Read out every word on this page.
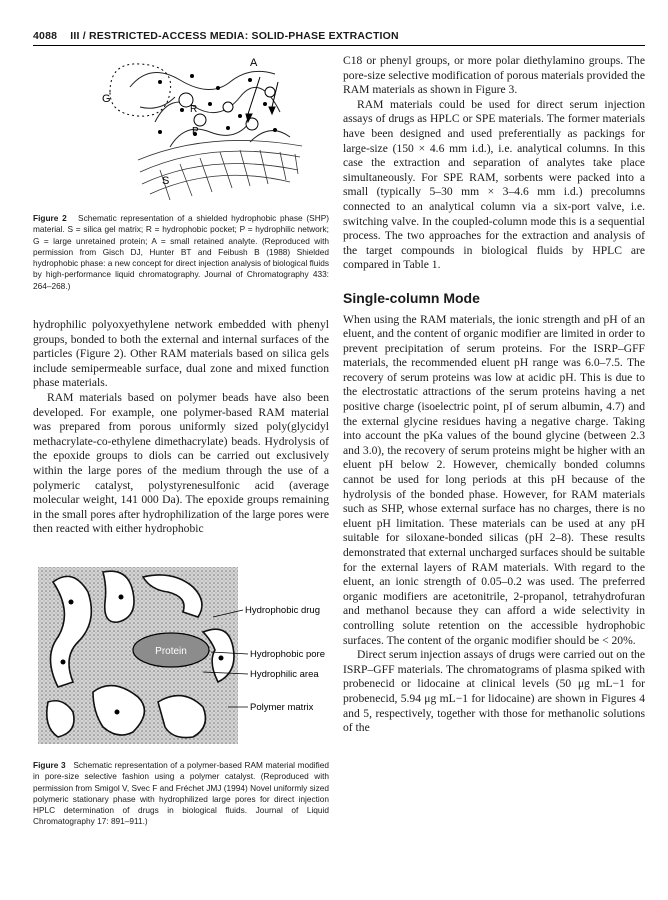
4088 III / RESTRICTED-ACCESS MEDIA: SOLID-PHASE EXTRACTION
G
A
R
P
S
Figure 2 Schematic representation of a shielded hydrophobic phase (SHP) material. S = silica gel matrix; R = hydrophobic pocket; P = hydrophilic network; G = large unretained protein; A = small retained analyte. (Reproduced with permission from Gisch DJ, Hunter BT and Feibush B (1988) Shielded hydrophobic phase: a new concept for direct injection analysis of biological fluids by high-performance liquid chromatography. Journal of Chromatography 433: 264–268.)

hydrophilic polyoxyethylene network embedded with phenyl groups, bonded to both the external and internal surfaces of the particles (Figure 2). Other RAM materials based on silica gels include semipermeable surface, dual zone and mixed function phase materials.

RAM materials based on polymer beads have also been developed. For example, one polymer-based RAM material was prepared from porous uniformly sized poly(glycidyl methacrylate-co-ethylene dimethacrylate) beads. Hydrolysis of the epoxide groups to diols can be carried out exclusively within the large pores of the medium through the use of a polymeric catalyst, polystyrenesulfonic acid (average molecular weight, 141 000 Da). The epoxide groups remaining in the small pores after hydrophilization of the large pores were then reacted with either hydrophobic

Protein
Hydrophobic drug
Hydrophobic pore
Hydrophilic area
Polymer matrix
Figure 3 Schematic representation of a polymer-based RAM material modified in pore-size selective fashion using a polymer catalyst. (Reproduced with permission from Smigol V, Svec F and Fréchet JMJ (1994) Novel uniformly sized polymeric stationary phase with hydrophilized large pores for direct injection HPLC determination of drugs in biological fluids. Journal of Liquid Chromatography 17: 891–911.)

C18 or phenyl groups, or more polar diethylamino groups. The pore-size selective modification of porous materials provided the RAM materials as shown in Figure 3.

RAM materials could be used for direct serum injection assays of drugs as HPLC or SPE materials. The former materials have been designed and used preferentially as packings for large-size (150 × 4.6 mm i.d.), i.e. analytical columns. In this case the extraction and separation of analytes take place simultaneously. For SPE RAM, sorbents were packed into a small (typically 5–30 mm × 3–4.6 mm i.d.) precolumns connected to an analytical column via a six-port valve, i.e. switching valve. In the coupled-column mode this is a sequential process. The two approaches for the extraction and analysis of the target compounds in biological fluids by HPLC are compared in Table 1.

Single-column Mode

When using the RAM materials, the ionic strength and pH of an eluent, and the content of organic modifier are limited in order to prevent precipitation of serum proteins. For the ISRP–GFF materials, the recommended eluent pH range was 6.0–7.5. The recovery of serum proteins was low at acidic pH. This is due to the electrostatic attractions of the serum proteins having a net positive charge (isoelectric point, pI of serum albumin, 4.7) and the external glycine residues having a negative charge. Taking into account the pKa values of the bound glycine (between 2.3 and 3.0), the recovery of serum proteins might be higher with an eluent pH below 2. However, chemically bonded columns cannot be used for long periods at this pH because of the hydrolysis of the bonded phase. However, for RAM materials such as SHP, whose external surface has no charges, there is no eluent pH limitation. These materials can be used at any pH suitable for siloxane-bonded silicas (pH 2–8). These results demonstrated that external uncharged surfaces should be suitable for the external layers of RAM materials. With regard to the eluent, an ionic strength of 0.05–0.2 was used. The preferred organic modifiers are acetonitrile, 2-propanol, tetrahydrofuran and methanol because they can afford a wide selectivity in controlling solute retention on the accessible hydrophobic surfaces. The content of the organic modifier should be < 20%.

Direct serum injection assays of drugs were carried out on the ISRP–GFF materials. The chromatograms of plasma spiked with probenecid or lidocaine at clinical levels (50 μg mL−1 for probenecid, 5.94 μg mL−1 for lidocaine) are shown in Figures 4 and 5, respectively, together with those for methanolic solutions of the
